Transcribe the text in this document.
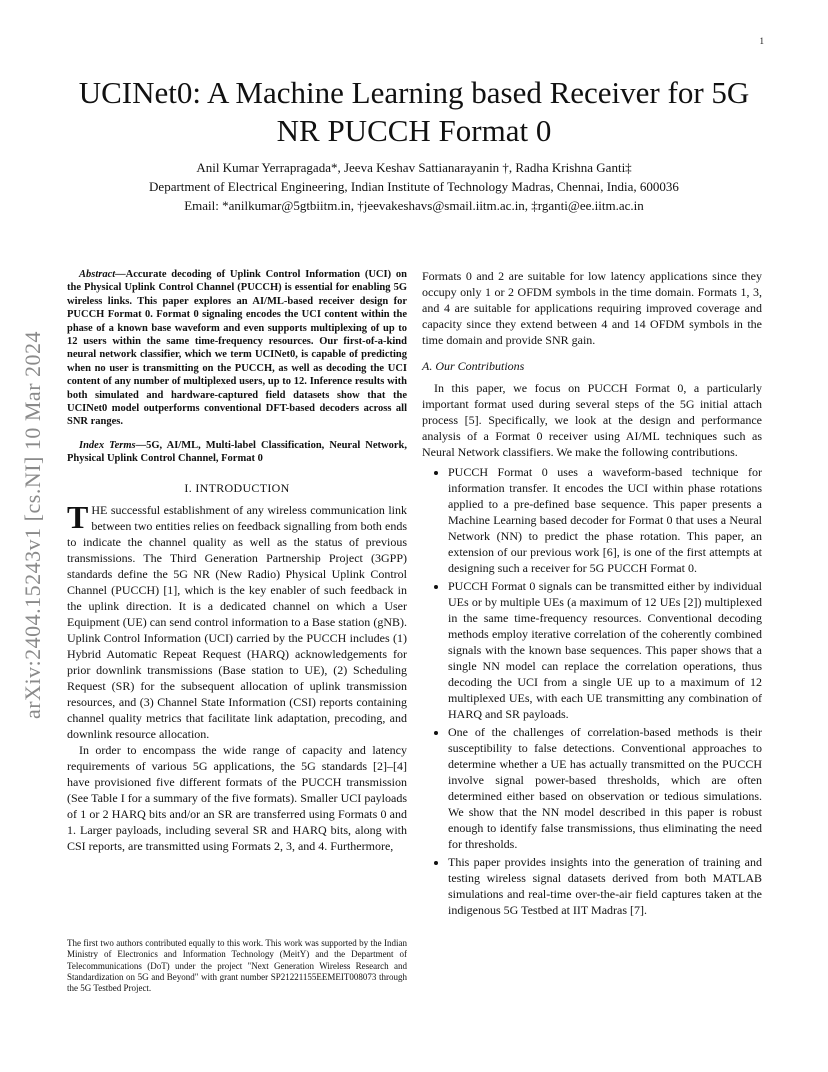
1
arXiv:2404.15243v1 [cs.NI] 10 Mar 2024
UCINet0: A Machine Learning based Receiver for 5G NR PUCCH Format 0
Anil Kumar Yerrapragada*, Jeeva Keshav Sattianarayanin †, Radha Krishna Ganti‡
Department of Electrical Engineering, Indian Institute of Technology Madras, Chennai, India, 600036
Email: *anilkumar@5gtbiitm.in, †jeevakeshavs@smail.iitm.ac.in, ‡rganti@ee.iitm.ac.in

Abstract—Accurate decoding of Uplink Control Information (UCI) on the Physical Uplink Control Channel (PUCCH) is essential for enabling 5G wireless links. This paper explores an AI/ML-based receiver design for PUCCH Format 0. Format 0 signaling encodes the UCI content within the phase of a known base waveform and even supports multiplexing of up to 12 users within the same time-frequency resources. Our first-of-a-kind neural network classifier, which we term UCINet0, is capable of predicting when no user is transmitting on the PUCCH, as well as decoding the UCI content of any number of multiplexed users, up to 12. Inference results with both simulated and hardware-captured field datasets show that the UCINet0 model outperforms conventional DFT-based decoders across all SNR ranges.

Index Terms—5G, AI/ML, Multi-label Classification, Neural Network, Physical Uplink Control Channel, Format 0

I. INTRODUCTION

THE successful establishment of any wireless communication link between two entities relies on feedback signalling from both ends to indicate the channel quality as well as the status of previous transmissions. The Third Generation Partnership Project (3GPP) standards define the 5G NR (New Radio) Physical Uplink Control Channel (PUCCH) [1], which is the key enabler of such feedback in the uplink direction. It is a dedicated channel on which a User Equipment (UE) can send control information to a Base station (gNB). Uplink Control Information (UCI) carried by the PUCCH includes (1) Hybrid Automatic Repeat Request (HARQ) acknowledgements for prior downlink transmissions (Base station to UE), (2) Scheduling Request (SR) for the subsequent allocation of uplink transmission resources, and (3) Channel State Information (CSI) reports containing channel quality metrics that facilitate link adaptation, precoding, and downlink resource allocation.

In order to encompass the wide range of capacity and latency requirements of various 5G applications, the 5G standards [2]–[4] have provisioned five different formats of the PUCCH transmission (See Table I for a summary of the five formats). Smaller UCI payloads of 1 or 2 HARQ bits and/or an SR are transferred using Formats 0 and 1. Larger payloads, including several SR and HARQ bits, along with CSI reports, are transmitted using Formats 2, 3, and 4. Furthermore,

The first two authors contributed equally to this work. This work was supported by the Indian Ministry of Electronics and Information Technology (MeitY) and the Department of Telecommunications (DoT) under the project "Next Generation Wireless Research and Standardization on 5G and Beyond" with grant number SP21221155EEMEIT008073 through the 5G Testbed Project.

Formats 0 and 2 are suitable for low latency applications since they occupy only 1 or 2 OFDM symbols in the time domain. Formats 1, 3, and 4 are suitable for applications requiring improved coverage and capacity since they extend between 4 and 14 OFDM symbols in the time domain and provide SNR gain.

A. Our Contributions

In this paper, we focus on PUCCH Format 0, a particularly important format used during several steps of the 5G initial attach process [5]. Specifically, we look at the design and performance analysis of a Format 0 receiver using AI/ML techniques such as Neural Network classifiers. We make the following contributions.

• PUCCH Format 0 uses a waveform-based technique for information transfer. It encodes the UCI within phase rotations applied to a pre-defined base sequence. This paper presents a Machine Learning based decoder for Format 0 that uses a Neural Network (NN) to predict the phase rotation. This paper, an extension of our previous work [6], is one of the first attempts at designing such a receiver for 5G PUCCH Format 0.
• PUCCH Format 0 signals can be transmitted either by individual UEs or by multiple UEs (a maximum of 12 UEs [2]) multiplexed in the same time-frequency resources. Conventional decoding methods employ iterative correlation of the coherently combined signals with the known base sequences. This paper shows that a single NN model can replace the correlation operations, thus decoding the UCI from a single UE up to a maximum of 12 multiplexed UEs, with each UE transmitting any combination of HARQ and SR payloads.
• One of the challenges of correlation-based methods is their susceptibility to false detections. Conventional approaches to determine whether a UE has actually transmitted on the PUCCH involve signal power-based thresholds, which are often determined either based on observation or tedious simulations. We show that the NN model described in this paper is robust enough to identify false transmissions, thus eliminating the need for thresholds.
• This paper provides insights into the generation of training and testing wireless signal datasets derived from both MATLAB simulations and real-time over-the-air field captures taken at the indigenous 5G Testbed at IIT Madras [7].
